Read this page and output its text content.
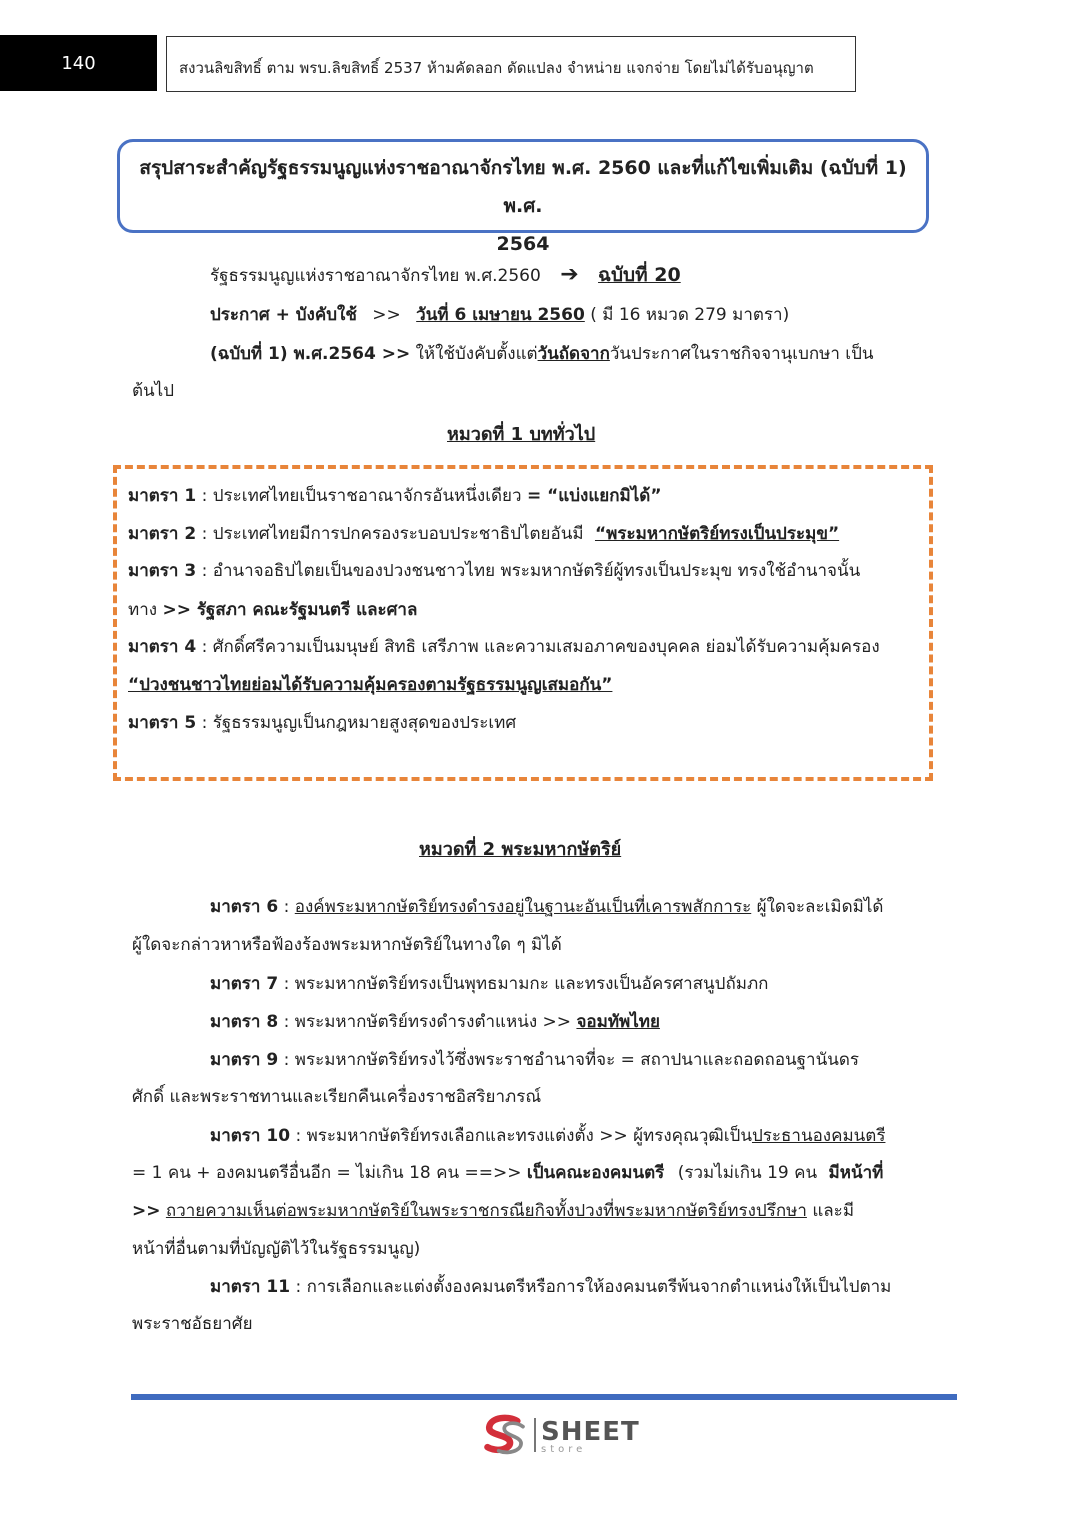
140	สงวนลิขสิทธิ์ ตาม พรบ.ลิขสิทธิ์ 2537 ห้ามคัดลอก ดัดแปลง จำหน่าย แจกจ่าย โดยไม่ได้รับอนุญาต
สรุปสาระสำคัญรัฐธรรมนูญแห่งราชอาณาจักรไทย พ.ศ. 2560 และที่แก้ไขเพิ่มเติม (ฉบับที่ 1) พ.ศ.
2564
รัฐธรรมนูญแห่งราชอาณาจักรไทย พ.ศ.2560 ➔ ฉบับที่ 20
ประกาศ + บังคับใช้ >> วันที่ 6 เมษายน 2560 ( มี 16 หมวด 279 มาตรา)
(ฉบับที่ 1) พ.ศ.2564 >> ให้ใช้บังคับตั้งแต่วันถัดจากวันประกาศในราชกิจจานุเบกษา เป็น
ต้นไป
หมวดที่ 1 บททั่วไป
มาตรา 1 : ประเทศไทยเป็นราชอาณาจักรอันหนึ่งเดียว = “แบ่งแยกมิได้”
มาตรา 2 : ประเทศไทยมีการปกครองระบอบประชาธิปไตยอันมี “พระมหากษัตริย์ทรงเป็นประมุข”
มาตรา 3 : อำนาจอธิปไตยเป็นของปวงชนชาวไทย พระมหากษัตริย์ผู้ทรงเป็นประมุข ทรงใช้อำนาจนั้น
ทาง >> รัฐสภา คณะรัฐมนตรี และศาล
มาตรา 4 : ศักดิ์ศรีความเป็นมนุษย์ สิทธิ เสรีภาพ และความเสมอภาคของบุคคล ย่อมได้รับความคุ้มครอง
“ปวงชนชาวไทยย่อมได้รับความคุ้มครองตามรัฐธรรมนูญเสมอกัน”
มาตรา 5 : รัฐธรรมนูญเป็นกฎหมายสูงสุดของประเทศ
หมวดที่ 2 พระมหากษัตริย์
มาตรา 6 : องค์พระมหากษัตริย์ทรงดำรงอยู่ในฐานะอันเป็นที่เคารพสักการะ ผู้ใดจะละเมิดมิได้
ผู้ใดจะกล่าวหาหรือฟ้องร้องพระมหากษัตริย์ในทางใด ๆ มิได้
มาตรา 7 : พระมหากษัตริย์ทรงเป็นพุทธมามกะ และทรงเป็นอัครศาสนูปถัมภก
มาตรา 8 : พระมหากษัตริย์ทรงดำรงตำแหน่ง >> จอมทัพไทย
มาตรา 9 : พระมหากษัตริย์ทรงไว้ซึ่งพระราชอำนาจที่จะ = สถาปนาและถอดถอนฐานันดร
ศักดิ์ และพระราชทานและเรียกคืนเครื่องราชอิสริยาภรณ์
มาตรา 10 : พระมหากษัตริย์ทรงเลือกและทรงแต่งตั้ง >> ผู้ทรงคุณวุฒิเป็นประธานองคมนตรี
= 1 คน + องคมนตรีอื่นอีก = ไม่เกิน 18 คน ==>> เป็นคณะองคมนตรี (รวมไม่เกิน 19 คน มีหน้าที่
>> ถวายความเห็นต่อพระมหากษัตริย์ในพระราชกรณียกิจทั้งปวงที่พระมหากษัตริย์ทรงปรึกษา และมี
หน้าที่อื่นตามที่บัญญัติไว้ในรัฐธรรมนูญ)
มาตรา 11 : การเลือกและแต่งตั้งองคมนตรีหรือการให้องคมนตรีพ้นจากตำแหน่งให้เป็นไปตาม
พระราชอัธยาศัย
SHEET
store
